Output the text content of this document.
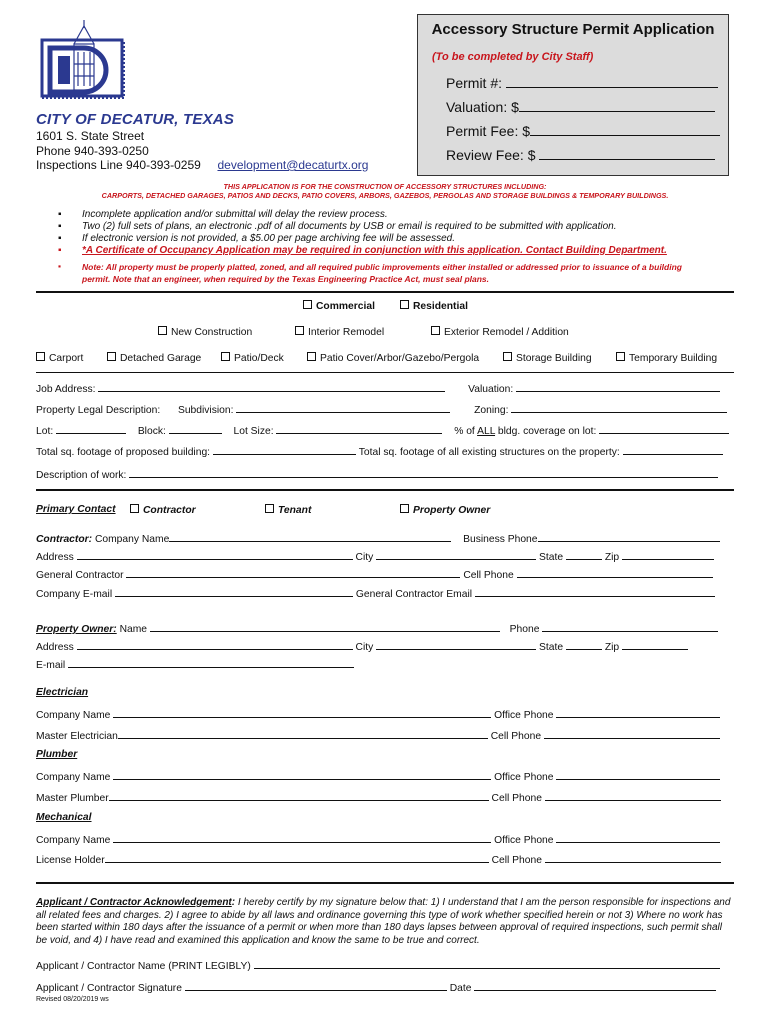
CITY OF DECATUR, TEXAS
1601 S. State Street
Phone 940-393-0250
Inspections Line 940-393-0259 development@decaturtx.org
Accessory Structure Permit Application
(To be completed by City Staff)
Permit #:
Valuation: $
Permit Fee: $
Review Fee: $
THIS APPLICATION IS FOR THE CONSTRUCTION OF ACCESSORY STRUCTURES INCLUDING:
CARPORTS, DETACHED GARAGES, PATIOS AND DECKS, PATIO COVERS, ARBORS, GAZEBOS, PERGOLAS AND STORAGE BUILDINGS & TEMPORARY BUILDINGS.
▪ Incomplete application and/or submittal will delay the review process.
▪ Two (2) full sets of plans, an electronic .pdf of all documents by USB or email is required to be submitted with application.
▪ If electronic version is not provided, a $5.00 per page archiving fee will be assessed.
▪ *A Certificate of Occupancy Application may be required in conjunction with this application. Contact Building Department.
▪ Note: All property must be properly platted, zoned, and all required public improvements either installed or addressed prior to issuance of a building permit. Note that an engineer, when required by the Texas Engineering Practice Act, must seal plans.
Commercial	Residential
New Construction	Interior Remodel	Exterior Remodel / Addition
Carport	Detached Garage	Patio/Deck	Patio Cover/Arbor/Gazebo/Pergola	Storage Building	Temporary Building
Job Address:	Valuation:
Property Legal Description: Subdivision:	Zoning:
Lot:	Block:	Lot Size:	% of ALL bldg. coverage on lot:
Total sq. footage of proposed building:	Total sq. footage of all existing structures on the property:
Description of work:
Primary Contact	Contractor	Tenant	Property Owner
Contractor: Company Name	Business Phone
Address	City	State	Zip
General Contractor	Cell Phone
Company E-mail	General Contractor Email
Property Owner: Name	Phone
Address	City	State	Zip
E-mail
Electrician
Company Name	Office Phone
Master Electrician	Cell Phone
Plumber
Company Name	Office Phone
Master Plumber	Cell Phone
Mechanical
Company Name	Office Phone
License Holder	Cell Phone
Applicant / Contractor Acknowledgement: I hereby certify by my signature below that: 1) I understand that I am the person responsible for inspections and all related fees and charges. 2) I agree to abide by all laws and ordinance governing this type of work whether specified herein or not 3) Where no work has been started within 180 days after the issuance of a permit or when more than 180 days lapses between approval of required inspections, such permit shall be void, and 4) I have read and examined this application and know the same to be true and correct.
Applicant / Contractor Name (PRINT LEGIBLY)
Applicant / Contractor Signature	Date
Revised 08/20/2019 ws
